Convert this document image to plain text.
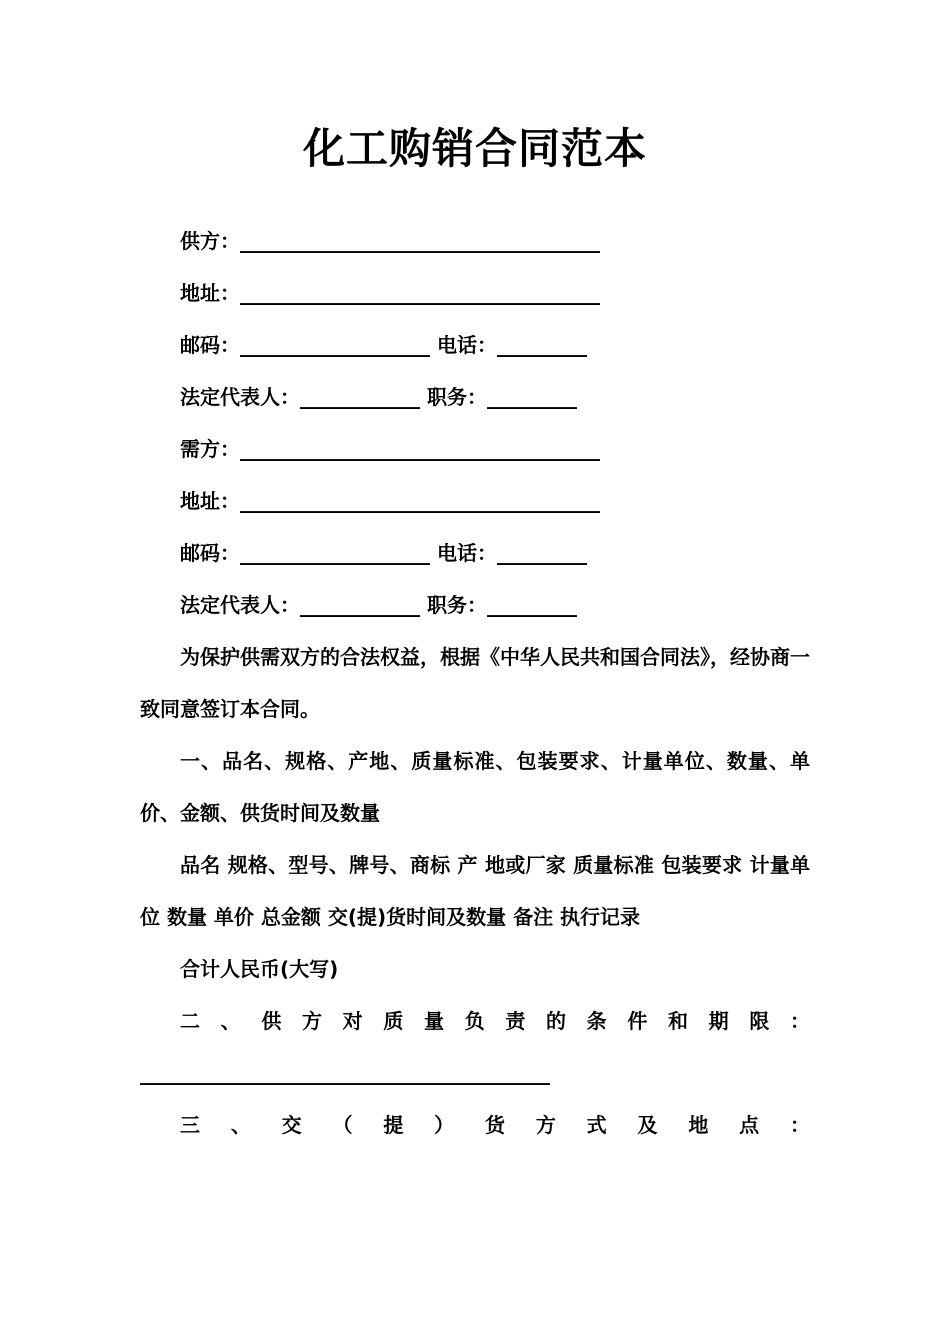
化工购销合同范本

供方：____________________________________

地址：____________________________________

邮码：___________________ 电话：_________

法定代表人：____________ 职务：_________

需方：____________________________________

地址：____________________________________

邮码：___________________ 电话：_________

法定代表人：____________ 职务：_________

为保护供需双方的合法权益，根据《中华人民共和国合同法》，经协商一致同意签订本合同。

一、品名、规格、产地、质量标准、包装要求、计量单位、数量、单价、金额、供货时间及数量

品名 规格、型号、牌号、商标 产 地或厂家 质量标准 包装要求 计量单位 数量 单价 总金额 交(提)货时间及数量 备注 执行记录

合计人民币(大写)

二、供方对质量负责的条件和期限：

_________________________________________

三、交（提）货方式及地点：
